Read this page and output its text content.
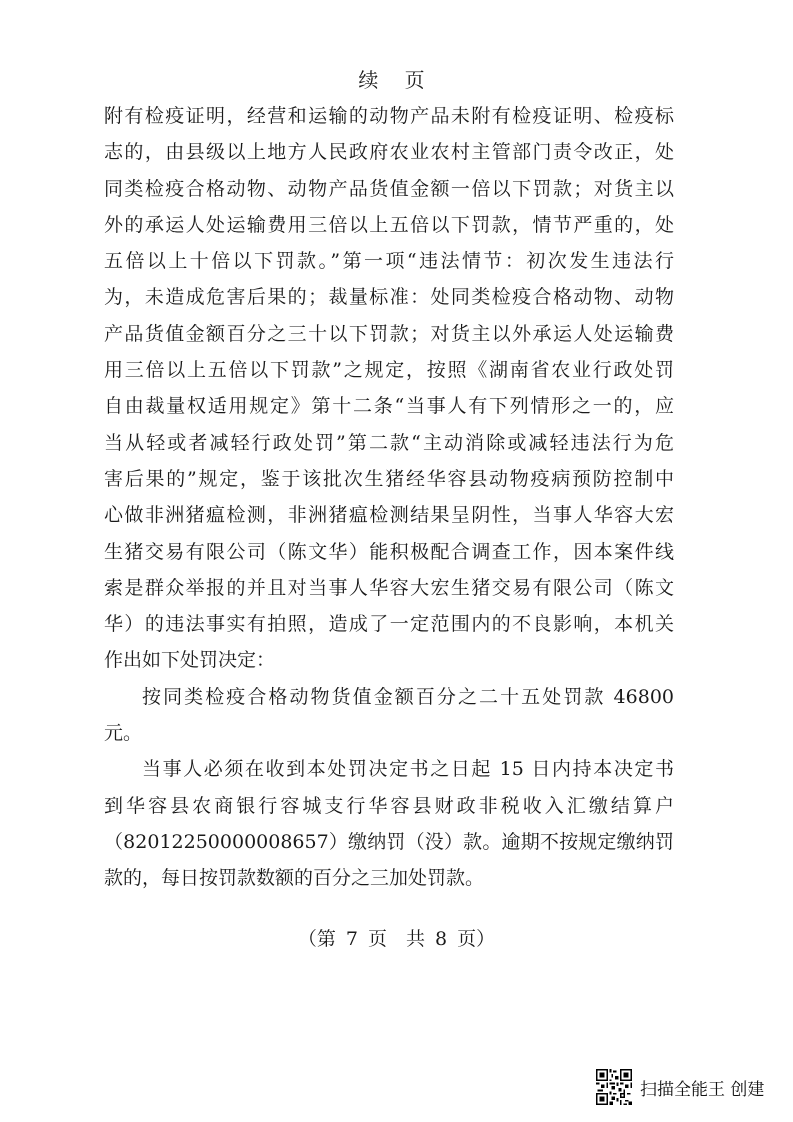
续 页
附有检疫证明，经营和运输的动物产品未附有检疫证明、检疫标
志的，由县级以上地方人民政府农业农村主管部门责令改正，处
同类检疫合格动物、动物产品货值金额一倍以下罚款；对货主以
外的承运人处运输费用三倍以上五倍以下罚款，情节严重的，处
五倍以上十倍以下罚款。”第一项“违法情节：初次发生违法行
为，未造成危害后果的；裁量标准：处同类检疫合格动物、动物
产品货值金额百分之三十以下罚款；对货主以外承运人处运输费
用三倍以上五倍以下罚款”之规定，按照《湖南省农业行政处罚
自由裁量权适用规定》第十二条“当事人有下列情形之一的，应
当从轻或者减轻行政处罚”第二款“主动消除或减轻违法行为危
害后果的”规定，鉴于该批次生猪经华容县动物疫病预防控制中
心做非洲猪瘟检测，非洲猪瘟检测结果呈阴性，当事人华容大宏
生猪交易有限公司（陈文华）能积极配合调查工作，因本案件线
索是群众举报的并且对当事人华容大宏生猪交易有限公司（陈文
华）的违法事实有拍照，造成了一定范围内的不良影响，本机关
作出如下处罚决定：
按同类检疫合格动物货值金额百分之二十五处罚款 46800
元。
当事人必须在收到本处罚决定书之日起 15 日内持本决定书
到华容县农商银行容城支行华容县财政非税收入汇缴结算户
（82012250000008657）缴纳罚（没）款。逾期不按规定缴纳罚
款的，每日按罚款数额的百分之三加处罚款。
（第 7 页　共 8 页）
扫描全能王 创建
